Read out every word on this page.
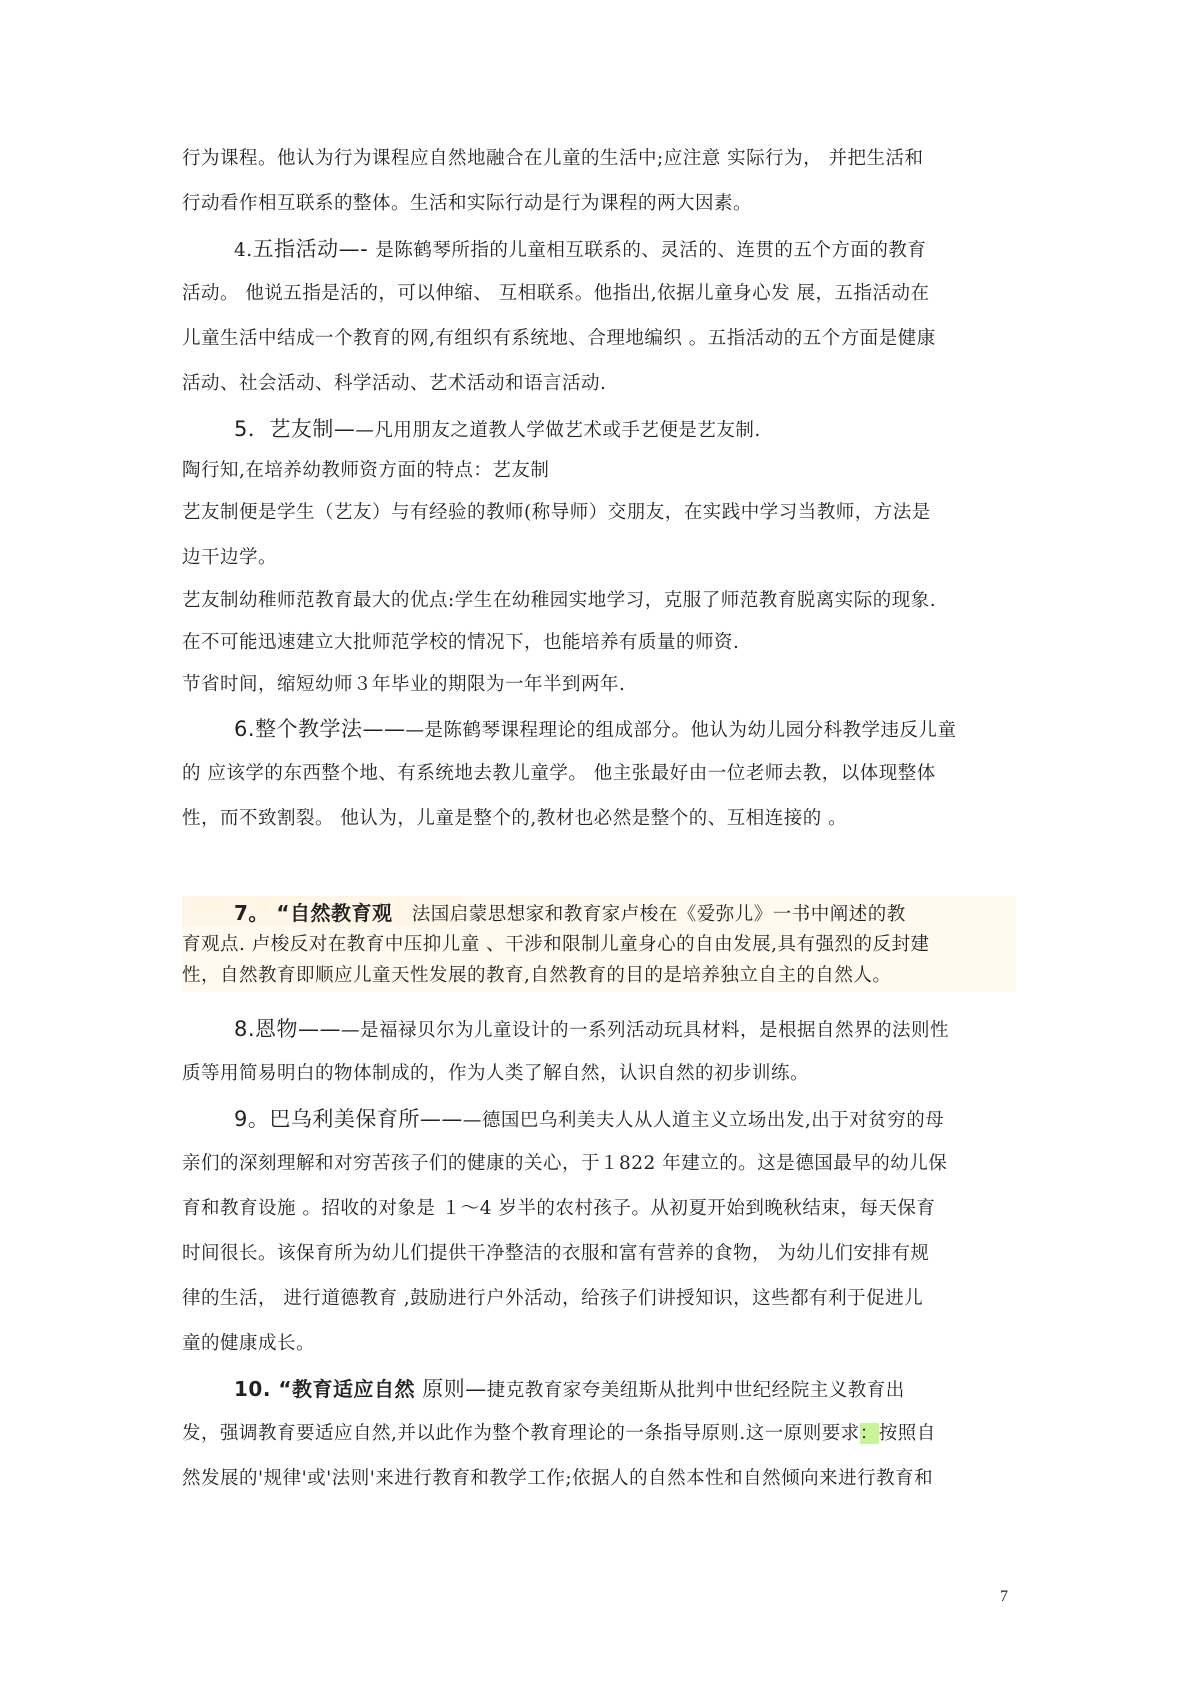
行为课程。他认为行为课程应自然地融合在儿童的生活中;应注意 实际行为， 并把生活和
行动看作相互联系的整体。生活和实际行动是行为课程的两大因素。
4.五指活动—- 是陈鹤琴所指的儿童相互联系的、灵活的、连贯的五个方面的教育
活动。 他说五指是活的，可以伸缩、 互相联系。他指出,依据儿童身心发 展，五指活动在
儿童生活中结成一个教育的网,有组织有系统地、合理地编织 。五指活动的五个方面是健康
活动、社会活动、科学活动、艺术活动和语言活动.
5．艺友制——凡用朋友之道教人学做艺术或手艺便是艺友制.
陶行知,在培养幼教师资方面的特点：艺友制
艺友制便是学生（艺友）与有经验的教师(称导师）交朋友，在实践中学习当教师，方法是
边干边学。
艺友制幼稚师范教育最大的优点:学生在幼稚园实地学习，克服了师范教育脱离实际的现象.
在不可能迅速建立大批师范学校的情况下，也能培养有质量的师资.
节省时间，缩短幼师３年毕业的期限为一年半到两年.
6.整个教学法———是陈鹤琴课程理论的组成部分。他认为幼儿园分科教学违反儿童
的 应该学的东西整个地、有系统地去教儿童学。 他主张最好由一位老师去教，以体现整体
性，而不致割裂。 他认为，儿童是整个的,教材也必然是整个的、互相连接的 。
7。 “自然教育观 法国启蒙思想家和教育家卢梭在《爱弥儿》一书中阐述的教
育观点. 卢梭反对在教育中压抑儿童 、干涉和限制儿童身心的自由发展,具有强烈的反封建
性，自然教育即顺应儿童天性发展的教育,自然教育的目的是培养独立自主的自然人。
8.恩物———是福禄贝尔为儿童设计的一系列活动玩具材料，是根据自然界的法则性
质等用简易明白的物体制成的，作为人类了解自然，认识自然的初步训练。
9。巴乌利美保育所———德国巴乌利美夫人从人道主义立场出发,出于对贫穷的母
亲们的深刻理解和对穷苦孩子们的健康的关心，于１822 年建立的。这是德国最早的幼儿保
育和教育设施 。招收的对象是 １～4 岁半的农村孩子。从初夏开始到晚秋结束，每天保育
时间很长。该保育所为幼儿们提供干净整洁的衣服和富有营养的食物， 为幼儿们安排有规
律的生活， 进行道德教育 ,鼓励进行户外活动，给孩子们讲授知识，这些都有利于促进儿
童的健康成长。
10. “教育适应自然 原则—捷克教育家夸美纽斯从批判中世纪经院主义教育出
发，强调教育要适应自然,并以此作为整个教育理论的一条指导原则.这一原则要求：按照自
然发展的'规律'或'法则'来进行教育和教学工作;依据人的自然本性和自然倾向来进行教育和
7
